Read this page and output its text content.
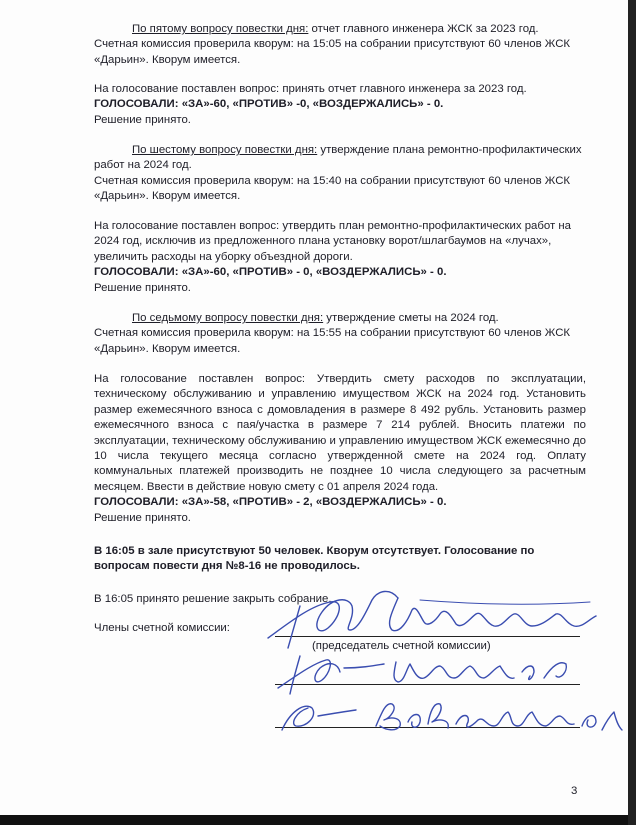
По пятому вопросу повестки дня: отчет главного инженера ЖСК за 2023 год.

Счетная комиссия проверила кворум: на 15:05 на собрании присутствуют 60 членов ЖСК «Дарьин». Кворум имеется.

На голосование поставлен вопрос: принять отчет главного инженера за 2023 год.

ГОЛОСОВАЛИ: «ЗА»-60, «ПРОТИВ» -0, «ВОЗДЕРЖАЛИСЬ» - 0.

Решение принято.

По шестому вопросу повестки дня: утверждение плана ремонтно-профилактических работ на 2024 год.

Счетная комиссия проверила кворум: на 15:40 на собрании присутствуют 60 членов ЖСК «Дарьин». Кворум имеется.

На голосование поставлен вопрос: утвердить план ремонтно-профилактических работ на 2024 год, исключив из предложенного плана установку ворот/шлагбаумов на «лучах», увеличить расходы на уборку объездной дороги.

ГОЛОСОВАЛИ: «ЗА»-60, «ПРОТИВ» - 0, «ВОЗДЕРЖАЛИСЬ» - 0.

Решение принято.

По седьмому вопросу повестки дня: утверждение сметы на 2024 год.

Счетная комиссия проверила кворум: на 15:55 на собрании присутствуют 60 членов ЖСК «Дарьин». Кворум имеется.

На голосование поставлен вопрос: Утвердить смету расходов по эксплуатации, техническому обслуживанию и управлению имуществом ЖСК на 2024 год. Установить размер ежемесячного взноса с домовладения в размере 8 492 рубль. Установить размер ежемесячного взноса с пая/участка в размере 7 214 рублей. Вносить платежи по эксплуатации, техническому обслуживанию и управлению имуществом ЖСК ежемесячно до 10 числа текущего месяца согласно утвержденной смете на 2024 год. Оплату коммунальных платежей производить не позднее 10 числа следующего за расчетным месяцем. Ввести в действие новую смету с 01 апреля 2024 года.

ГОЛОСОВАЛИ: «ЗА»-58, «ПРОТИВ» - 2, «ВОЗДЕРЖАЛИСЬ» - 0.

Решение принято.

В 16:05 в зале присутствуют 50 человек. Кворум отсутствует. Голосование по вопросам повести дня №8-16 не проводилось.

В 16:05 принято решение закрыть собрание.

Члены счетной комиссии:
(председатель счетной комиссии)
3
